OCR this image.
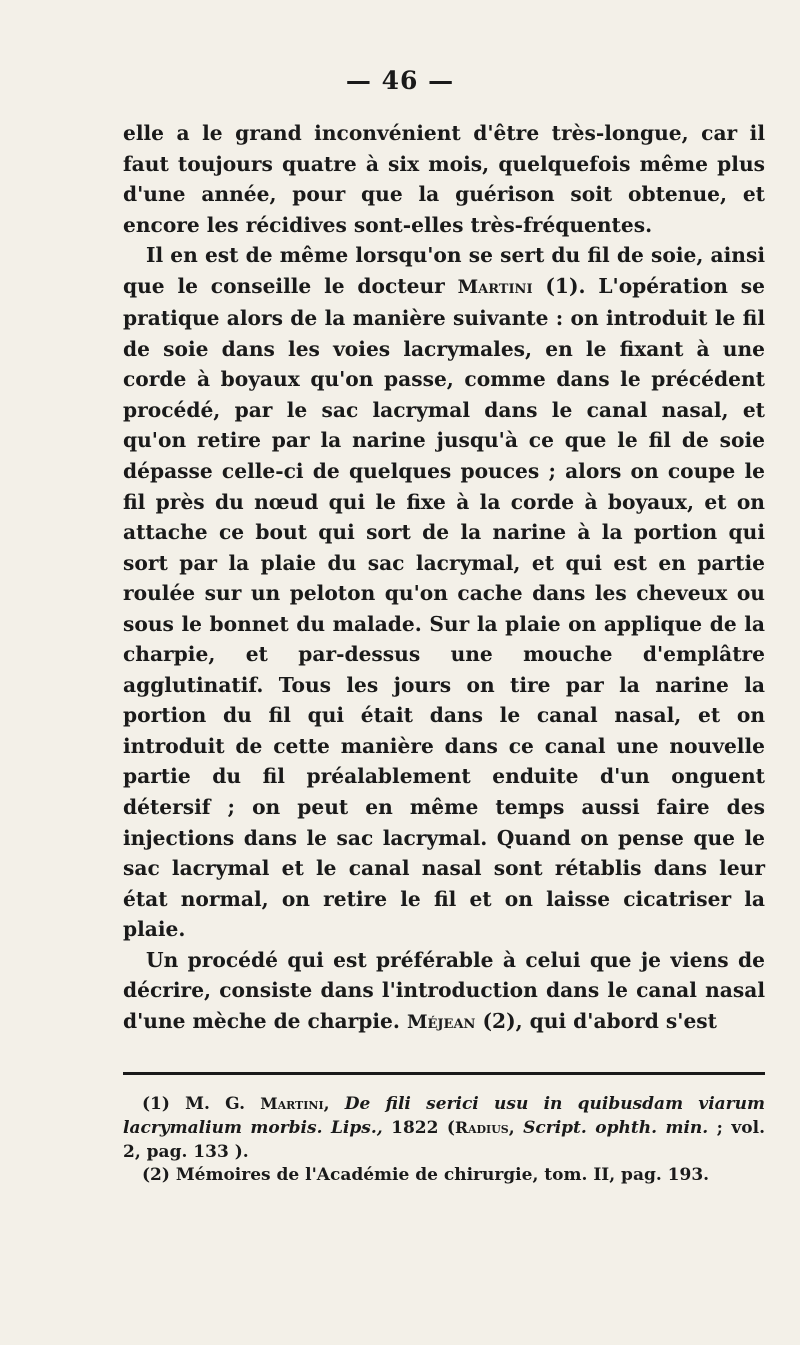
— 46 —

elle a le grand inconvénient d'être très-longue, car il faut toujours quatre à six mois, quelquefois même plus d'une année, pour que la guérison soit obtenue, et encore les récidives sont-elles très-fréquentes.

Il en est de même lorsqu'on se sert du fil de soie, ainsi que le conseille le docteur Martini (1). L'opération se pratique alors de la manière suivante : on introduit le fil de soie dans les voies lacrymales, en le fixant à une corde à boyaux qu'on passe, comme dans le précédent procédé, par le sac lacrymal dans le canal nasal, et qu'on retire par la narine jusqu'à ce que le fil de soie dépasse celle-ci de quelques pouces ; alors on coupe le fil près du nœud qui le fixe à la corde à boyaux, et on attache ce bout qui sort de la narine à la portion qui sort par la plaie du sac lacrymal, et qui est en partie roulée sur un peloton qu'on cache dans les cheveux ou sous le bonnet du malade. Sur la plaie on applique de la charpie, et par-dessus une mouche d'emplâtre agglutinatif. Tous les jours on tire par la narine la portion du fil qui était dans le canal nasal, et on introduit de cette manière dans ce canal une nouvelle partie du fil préalablement enduite d'un onguent détersif ; on peut en même temps aussi faire des injections dans le sac lacrymal. Quand on pense que le sac lacrymal et le canal nasal sont rétablis dans leur état normal, on retire le fil et on laisse cicatriser la plaie.

Un procédé qui est préférable à celui que je viens de décrire, consiste dans l'introduction dans le canal nasal d'une mèche de charpie. Méjean (2), qui d'abord s'est

(1) M. G. Martini, De fili serici usu in quibusdam viarum lacrymalium morbis. Lips., 1822 (Radius, Script. ophth. min. ; vol. 2, pag. 133 ).

(2) Mémoires de l'Académie de chirurgie, tom. II, pag. 193.
